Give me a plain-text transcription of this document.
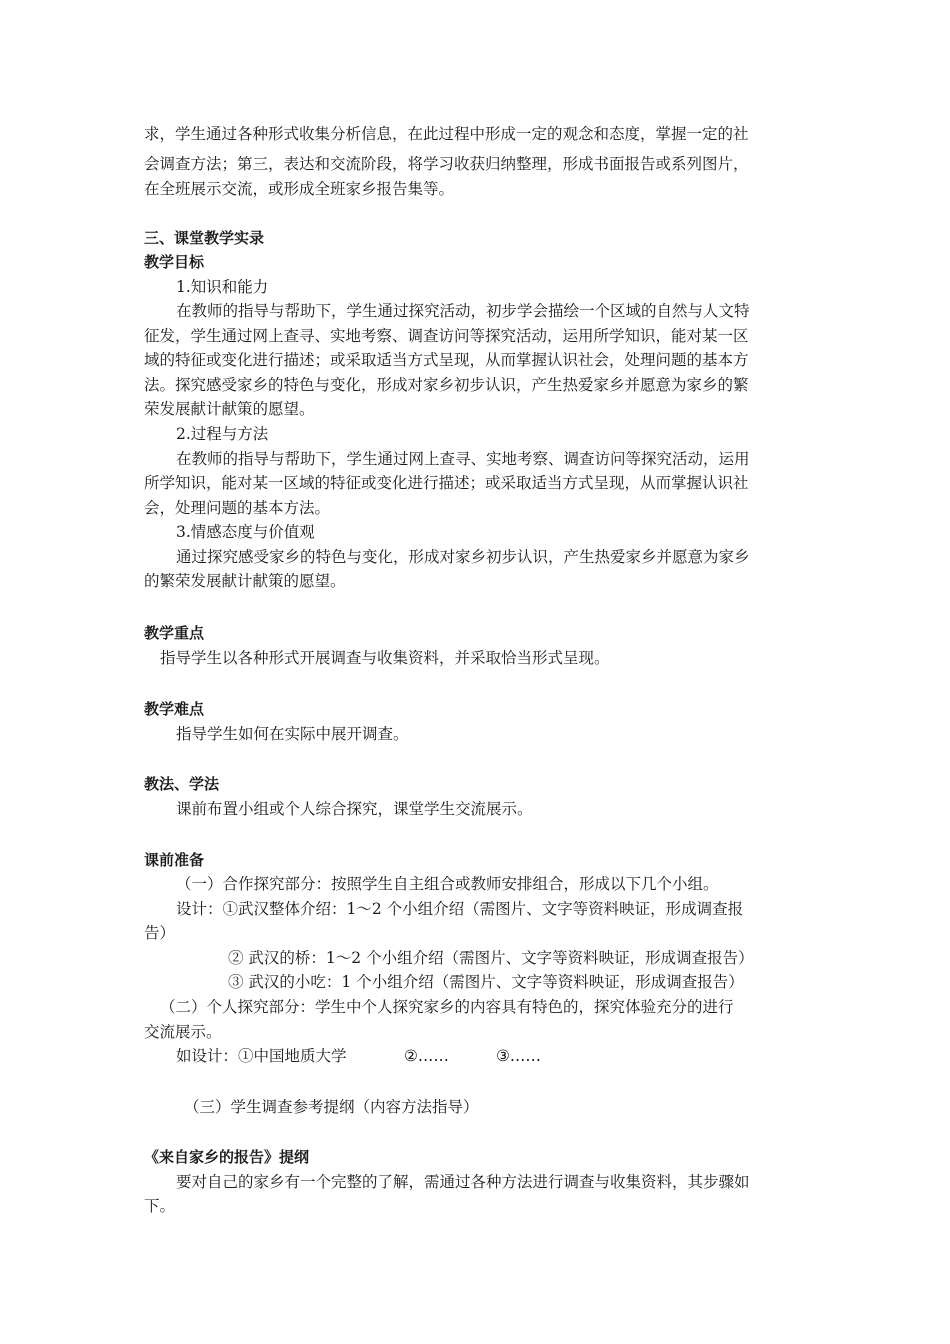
求，学生通过各种形式收集分析信息，在此过程中形成一定的观念和态度，掌握一定的社
会调查方法；第三，表达和交流阶段，将学习收获归纳整理，形成书面报告或系列图片，
在全班展示交流，或形成全班家乡报告集等。
三、课堂教学实录
教学目标
1.知识和能力
在教师的指导与帮助下，学生通过探究活动，初步学会描绘一个区域的自然与人文特
征发，学生通过网上查寻、实地考察、调查访问等探究活动，运用所学知识，能对某一区
域的特征或变化进行描述；或采取适当方式呈现，从而掌握认识社会，处理问题的基本方
法。探究感受家乡的特色与变化，形成对家乡初步认识，产生热爱家乡并愿意为家乡的繁
荣发展献计献策的愿望。
2.过程与方法
在教师的指导与帮助下，学生通过网上查寻、实地考察、调查访问等探究活动，运用
所学知识，能对某一区域的特征或变化进行描述；或采取适当方式呈现，从而掌握认识社
会，处理问题的基本方法。
3.情感态度与价值观
通过探究感受家乡的特色与变化，形成对家乡初步认识，产生热爱家乡并愿意为家乡
的繁荣发展献计献策的愿望。
教学重点
指导学生以各种形式开展调查与收集资料，并采取恰当形式呈现。
教学难点
指导学生如何在实际中展开调查。
教法、学法
课前布置小组或个人综合探究，课堂学生交流展示。
课前准备
（一）合作探究部分：按照学生自主组合或教师安排组合，形成以下几个小组。
设计：①武汉整体介绍：1～2 个小组介绍（需图片、文字等资料映证，形成调查报
告）
② 武汉的桥：1～2 个小组介绍（需图片、文字等资料映证，形成调查报告）
③ 武汉的小吃：1 个小组介绍（需图片、文字等资料映证，形成调查报告）
（二）个人探究部分：学生中个人探究家乡的内容具有特色的，探究体验充分的进行
交流展示。
如设计：①中国地质大学	②……	③……
（三）学生调查参考提纲（内容方法指导）
《来自家乡的报告》提纲
要对自己的家乡有一个完整的了解，需通过各种方法进行调查与收集资料，其步骤如
下。
